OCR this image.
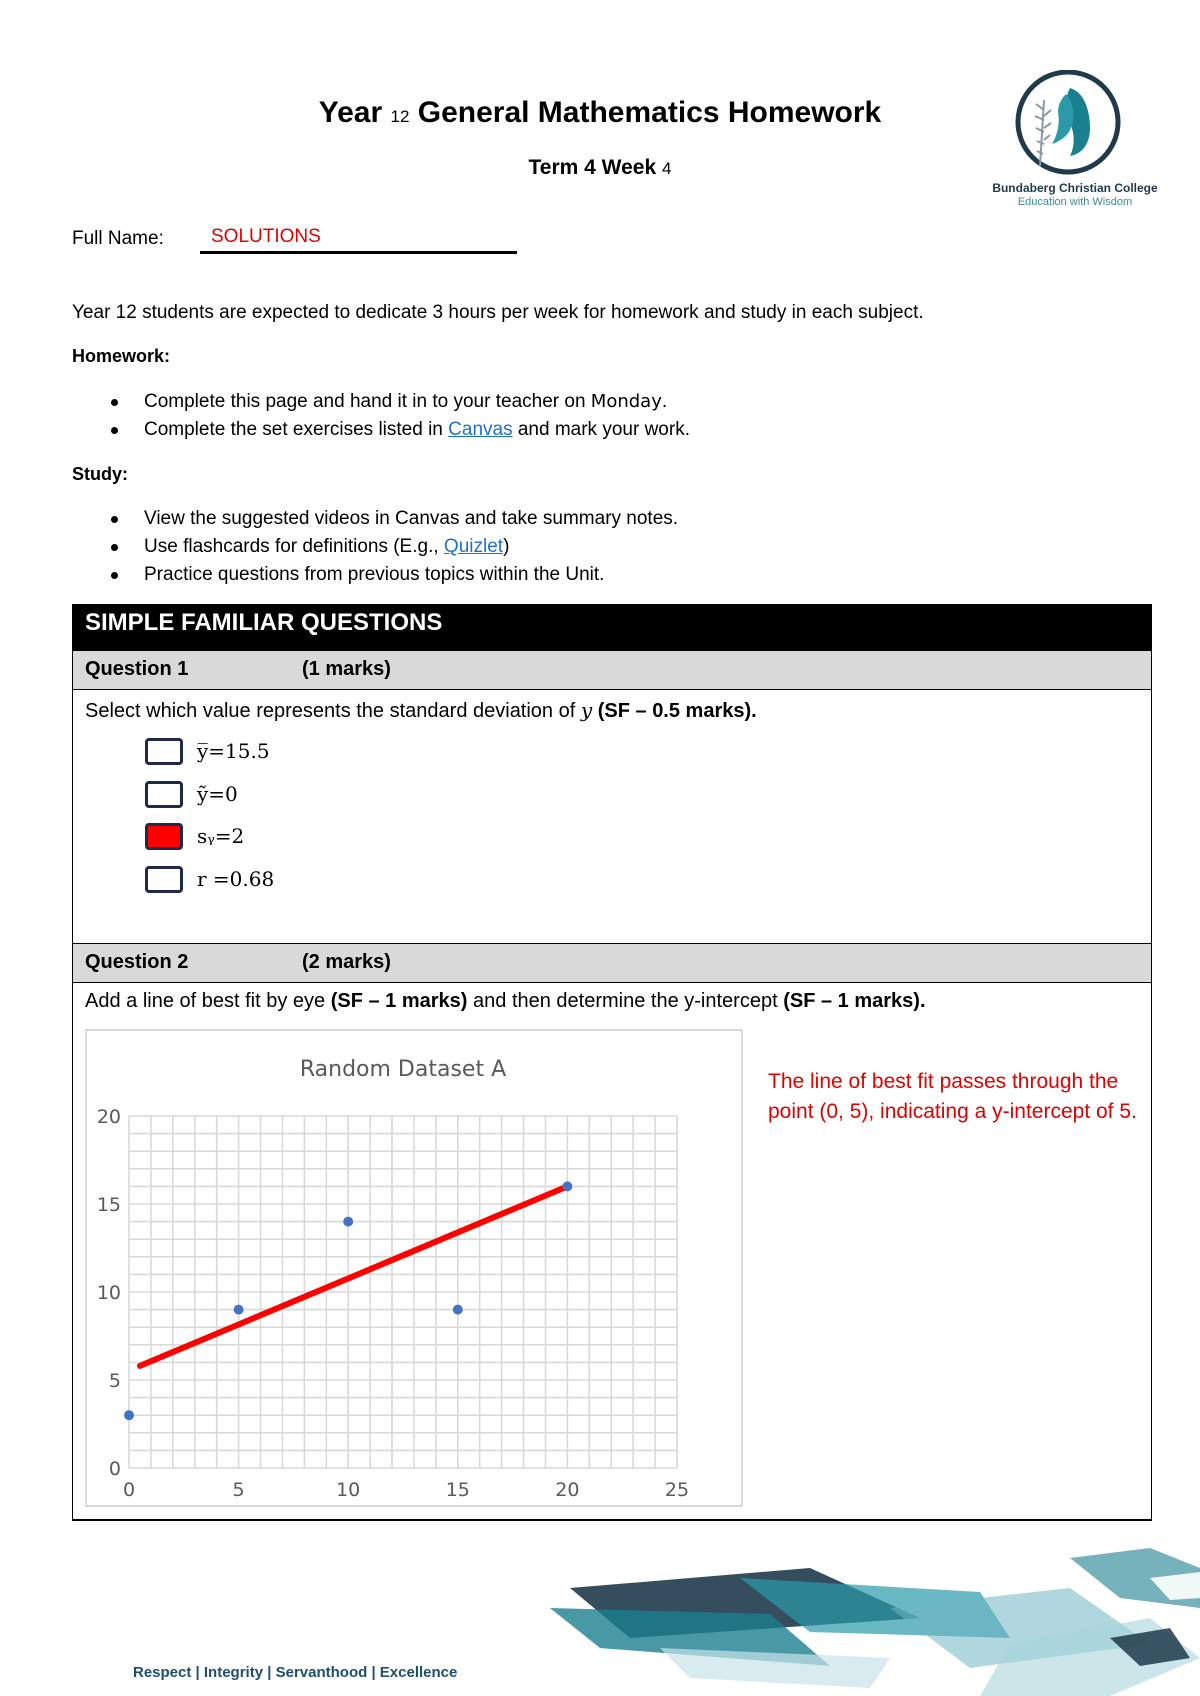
Year 12 General Mathematics Homework
Term 4 Week 4
Bundaberg Christian College
Education with Wisdom
Full Name: SOLUTIONS
Year 12 students are expected to dedicate 3 hours per week for homework and study in each subject.
Homework:
Complete this page and hand it in to your teacher on Monday.
Complete the set exercises listed in Canvas and mark your work.
Study:
View the suggested videos in Canvas and take summary notes.
Use flashcards for definitions (E.g., Quizlet)
Practice questions from previous topics within the Unit.
SIMPLE FAMILIAR QUESTIONS
Question 1	(1 marks)
Select which value represents the standard deviation of y (SF – 0.5 marks).
y̅=15.5
ỹ=0
sᵧ=2
r =0.68
Question 2	(2 marks)
Add a line of best fit by eye (SF – 1 marks) and then determine the y-intercept (SF – 1 marks).
Random Dataset A
0	5	10	15	20	25
0
5
10
15
20
The line of best fit passes through the point (0, 5), indicating a y-intercept of 5.
Respect | Integrity | Servanthood | Excellence
